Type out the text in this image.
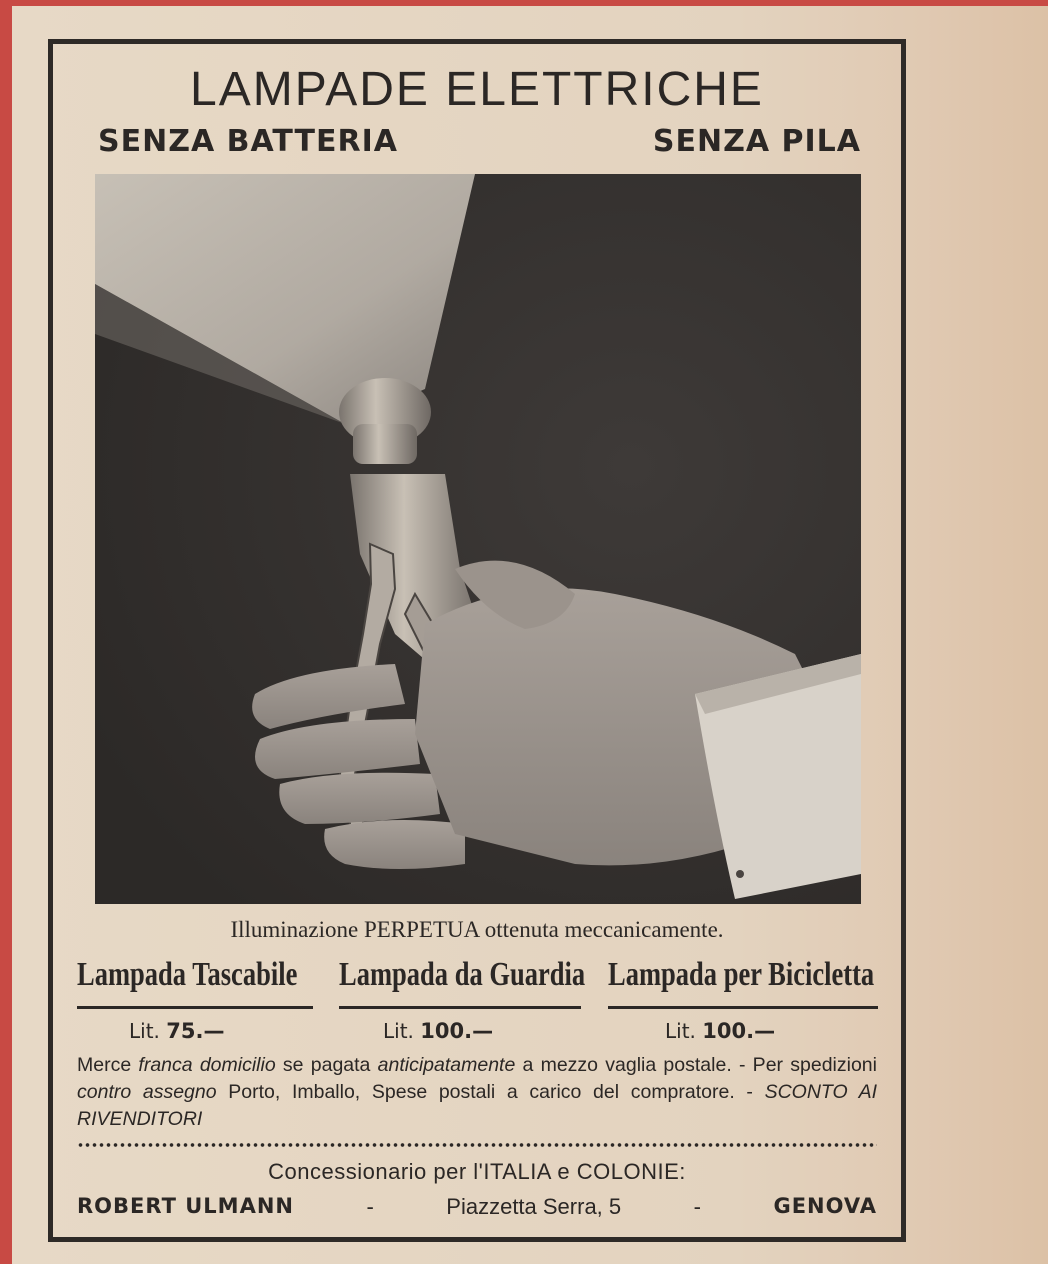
LAMPADE ELETTRICHE
SENZA BATTERIA	SENZA PILA
Illuminazione PERPETUA ottenuta meccanicamente.
Lampada Tascabile Lampada da Guardia Lampada per Bicicletta
Lit. 75.—	Lit. 100.—	Lit. 100.—
Merce franca domicilio se pagata anticipatamente a mezzo vaglia postale. - Per spedizioni contro assegno Porto, Imballo, Spese postali a carico del compratore. - SCONTO AI RIVENDITORI
Concessionario per l'ITALIA e COLONIE:
ROBERT ULMANN	-	Piazzetta Serra, 5	-	GENOVA
